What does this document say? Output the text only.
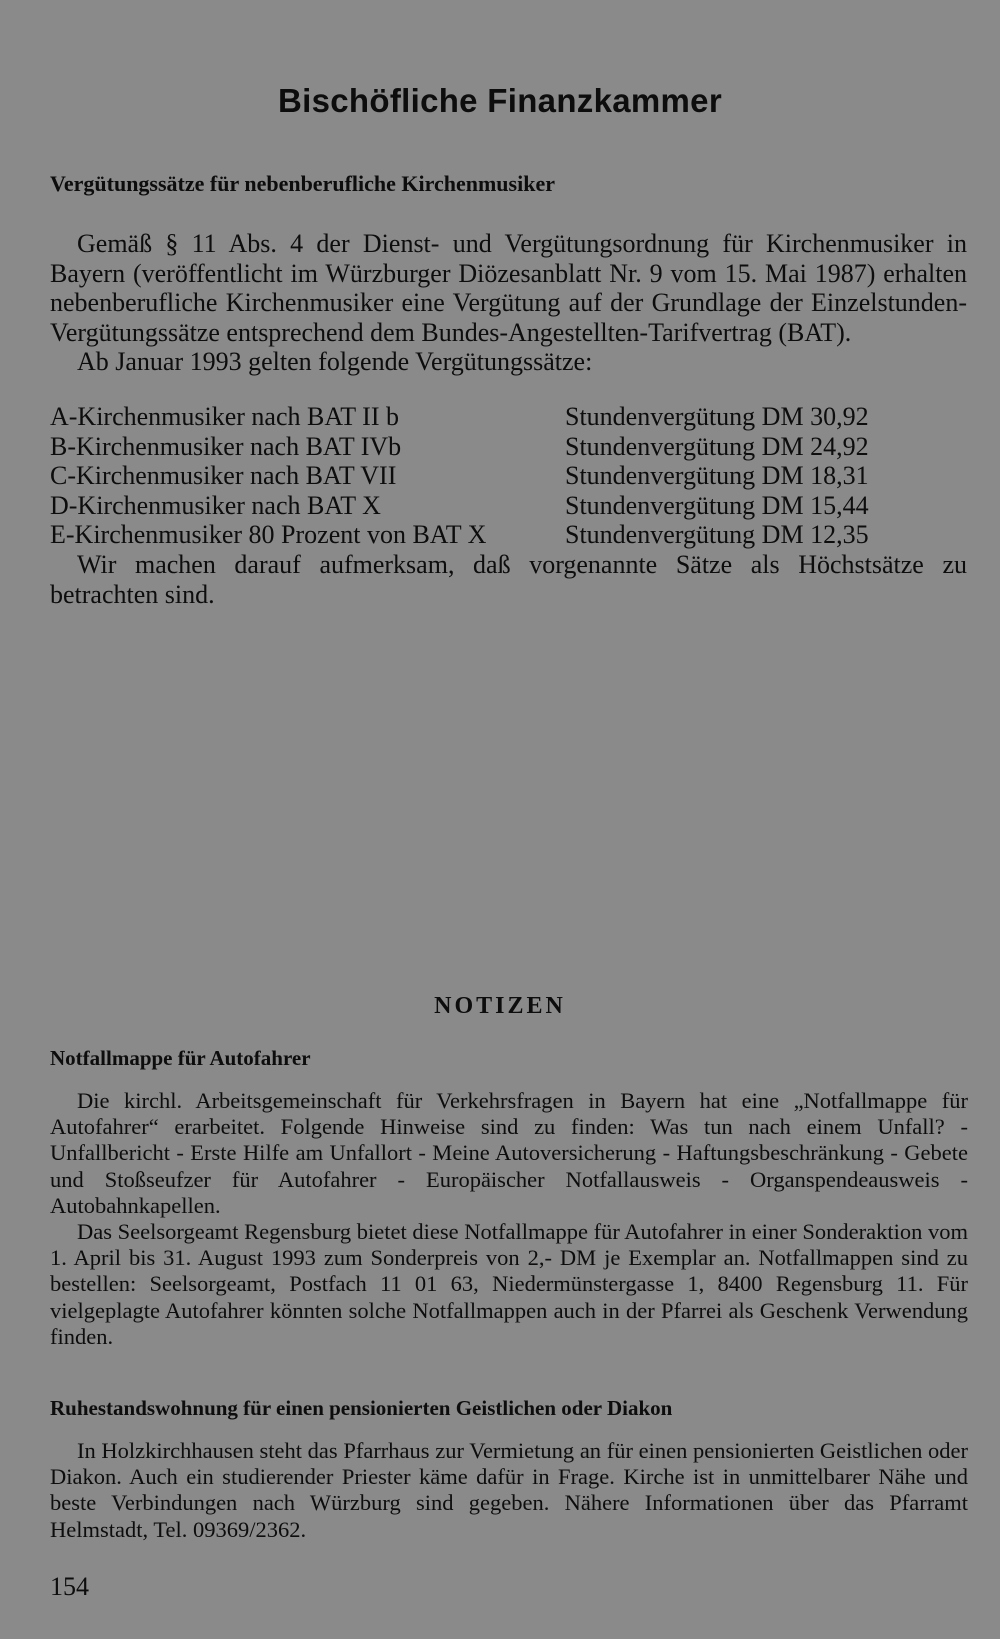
Bischöfliche Finanzkammer
Vergütungssätze für nebenberufliche Kirchenmusiker

Gemäß § 11 Abs. 4 der Dienst- und Vergütungsordnung für Kirchenmusiker in Bayern (veröffentlicht im Würzburger Diözesanblatt Nr. 9 vom 15. Mai 1987) erhalten nebenberufliche Kirchenmusiker eine Vergütung auf der Grundlage der Einzelstunden-Vergütungssätze entsprechend dem Bundes-Angestellten-Tarifvertrag (BAT).

Ab Januar 1993 gelten folgende Vergütungssätze:

A-Kirchenmusiker nach BAT II b	Stundenvergütung DM 30,92
B-Kirchenmusiker nach BAT IVb	Stundenvergütung DM 24,92
C-Kirchenmusiker nach BAT VII	Stundenvergütung DM 18,31
D-Kirchenmusiker nach BAT X	Stundenvergütung DM 15,44
E-Kirchenmusiker 80 Prozent von BAT X	Stundenvergütung DM 12,35

Wir machen darauf aufmerksam, daß vorgenannte Sätze als Höchstsätze zu betrachten sind.

NOTIZEN
Notfallmappe für Autofahrer

Die kirchl. Arbeitsgemeinschaft für Verkehrsfragen in Bayern hat eine „Notfallmappe für Autofahrer“ erarbeitet. Folgende Hinweise sind zu finden: Was tun nach einem Unfall? - Unfallbericht - Erste Hilfe am Unfallort - Meine Autoversicherung - Haftungsbeschränkung - Gebete und Stoßseufzer für Autofahrer - Europäischer Notfallausweis - Organspendeausweis - Autobahnkapellen.

Das Seelsorgeamt Regensburg bietet diese Notfallmappe für Autofahrer in einer Sonderaktion vom 1. April bis 31. August 1993 zum Sonderpreis von 2,- DM je Exemplar an. Notfallmappen sind zu bestellen: Seelsorgeamt, Postfach 11 01 63, Niedermünstergasse 1, 8400 Regensburg 11. Für vielgeplagte Autofahrer könnten solche Notfallmappen auch in der Pfarrei als Geschenk Verwendung finden.

Ruhestandswohnung für einen pensionierten Geistlichen oder Diakon

In Holzkirchhausen steht das Pfarrhaus zur Vermietung an für einen pensionierten Geistlichen oder Diakon. Auch ein studierender Priester käme dafür in Frage. Kirche ist in unmittelbarer Nähe und beste Verbindungen nach Würzburg sind gegeben. Nähere Informationen über das Pfarramt Helmstadt, Tel. 09369/2362.

154
